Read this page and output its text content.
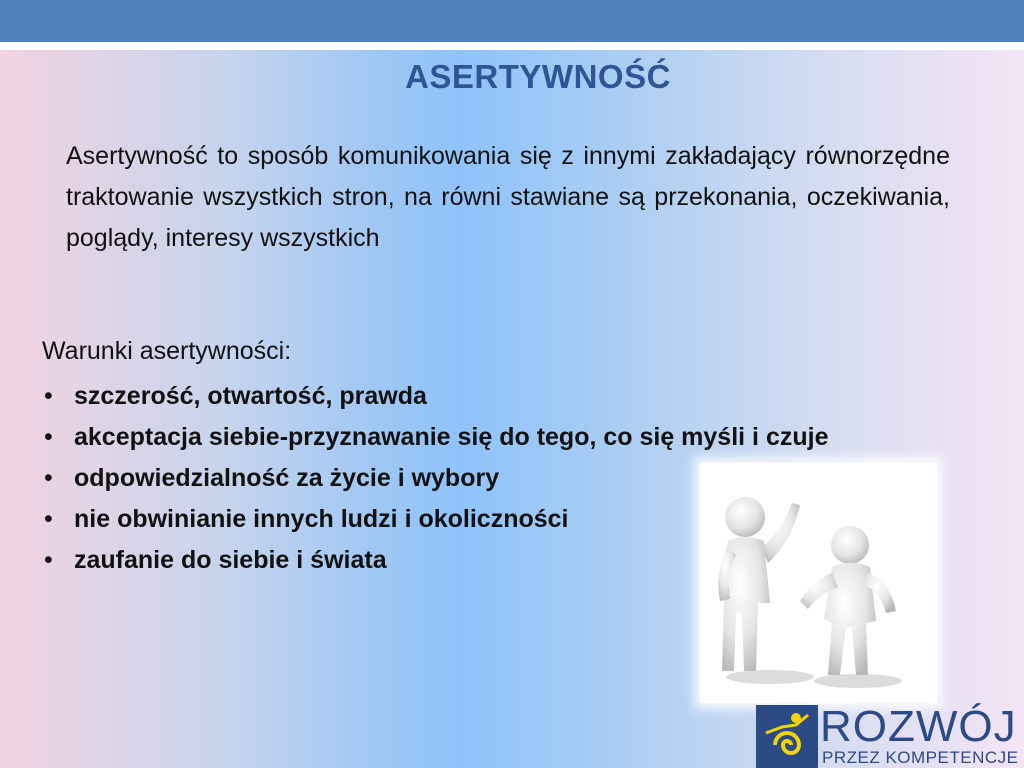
ASERTYWNOŚĆ
Asertywność to sposób komunikowania się z innymi zakładający równorzędne traktowanie wszystkich stron, na równi stawiane są przekonania, oczekiwania, poglądy, interesy wszystkich
Warunki asertywności:
• szczerość, otwartość, prawda
• akceptacja siebie-przyznawanie się do tego, co się myśli i czuje
• odpowiedzialność za życie i wybory
• nie obwinianie innych ludzi i okoliczności
• zaufanie do siebie i świata
ROZWÓJ
PRZEZ KOMPETENCJE
